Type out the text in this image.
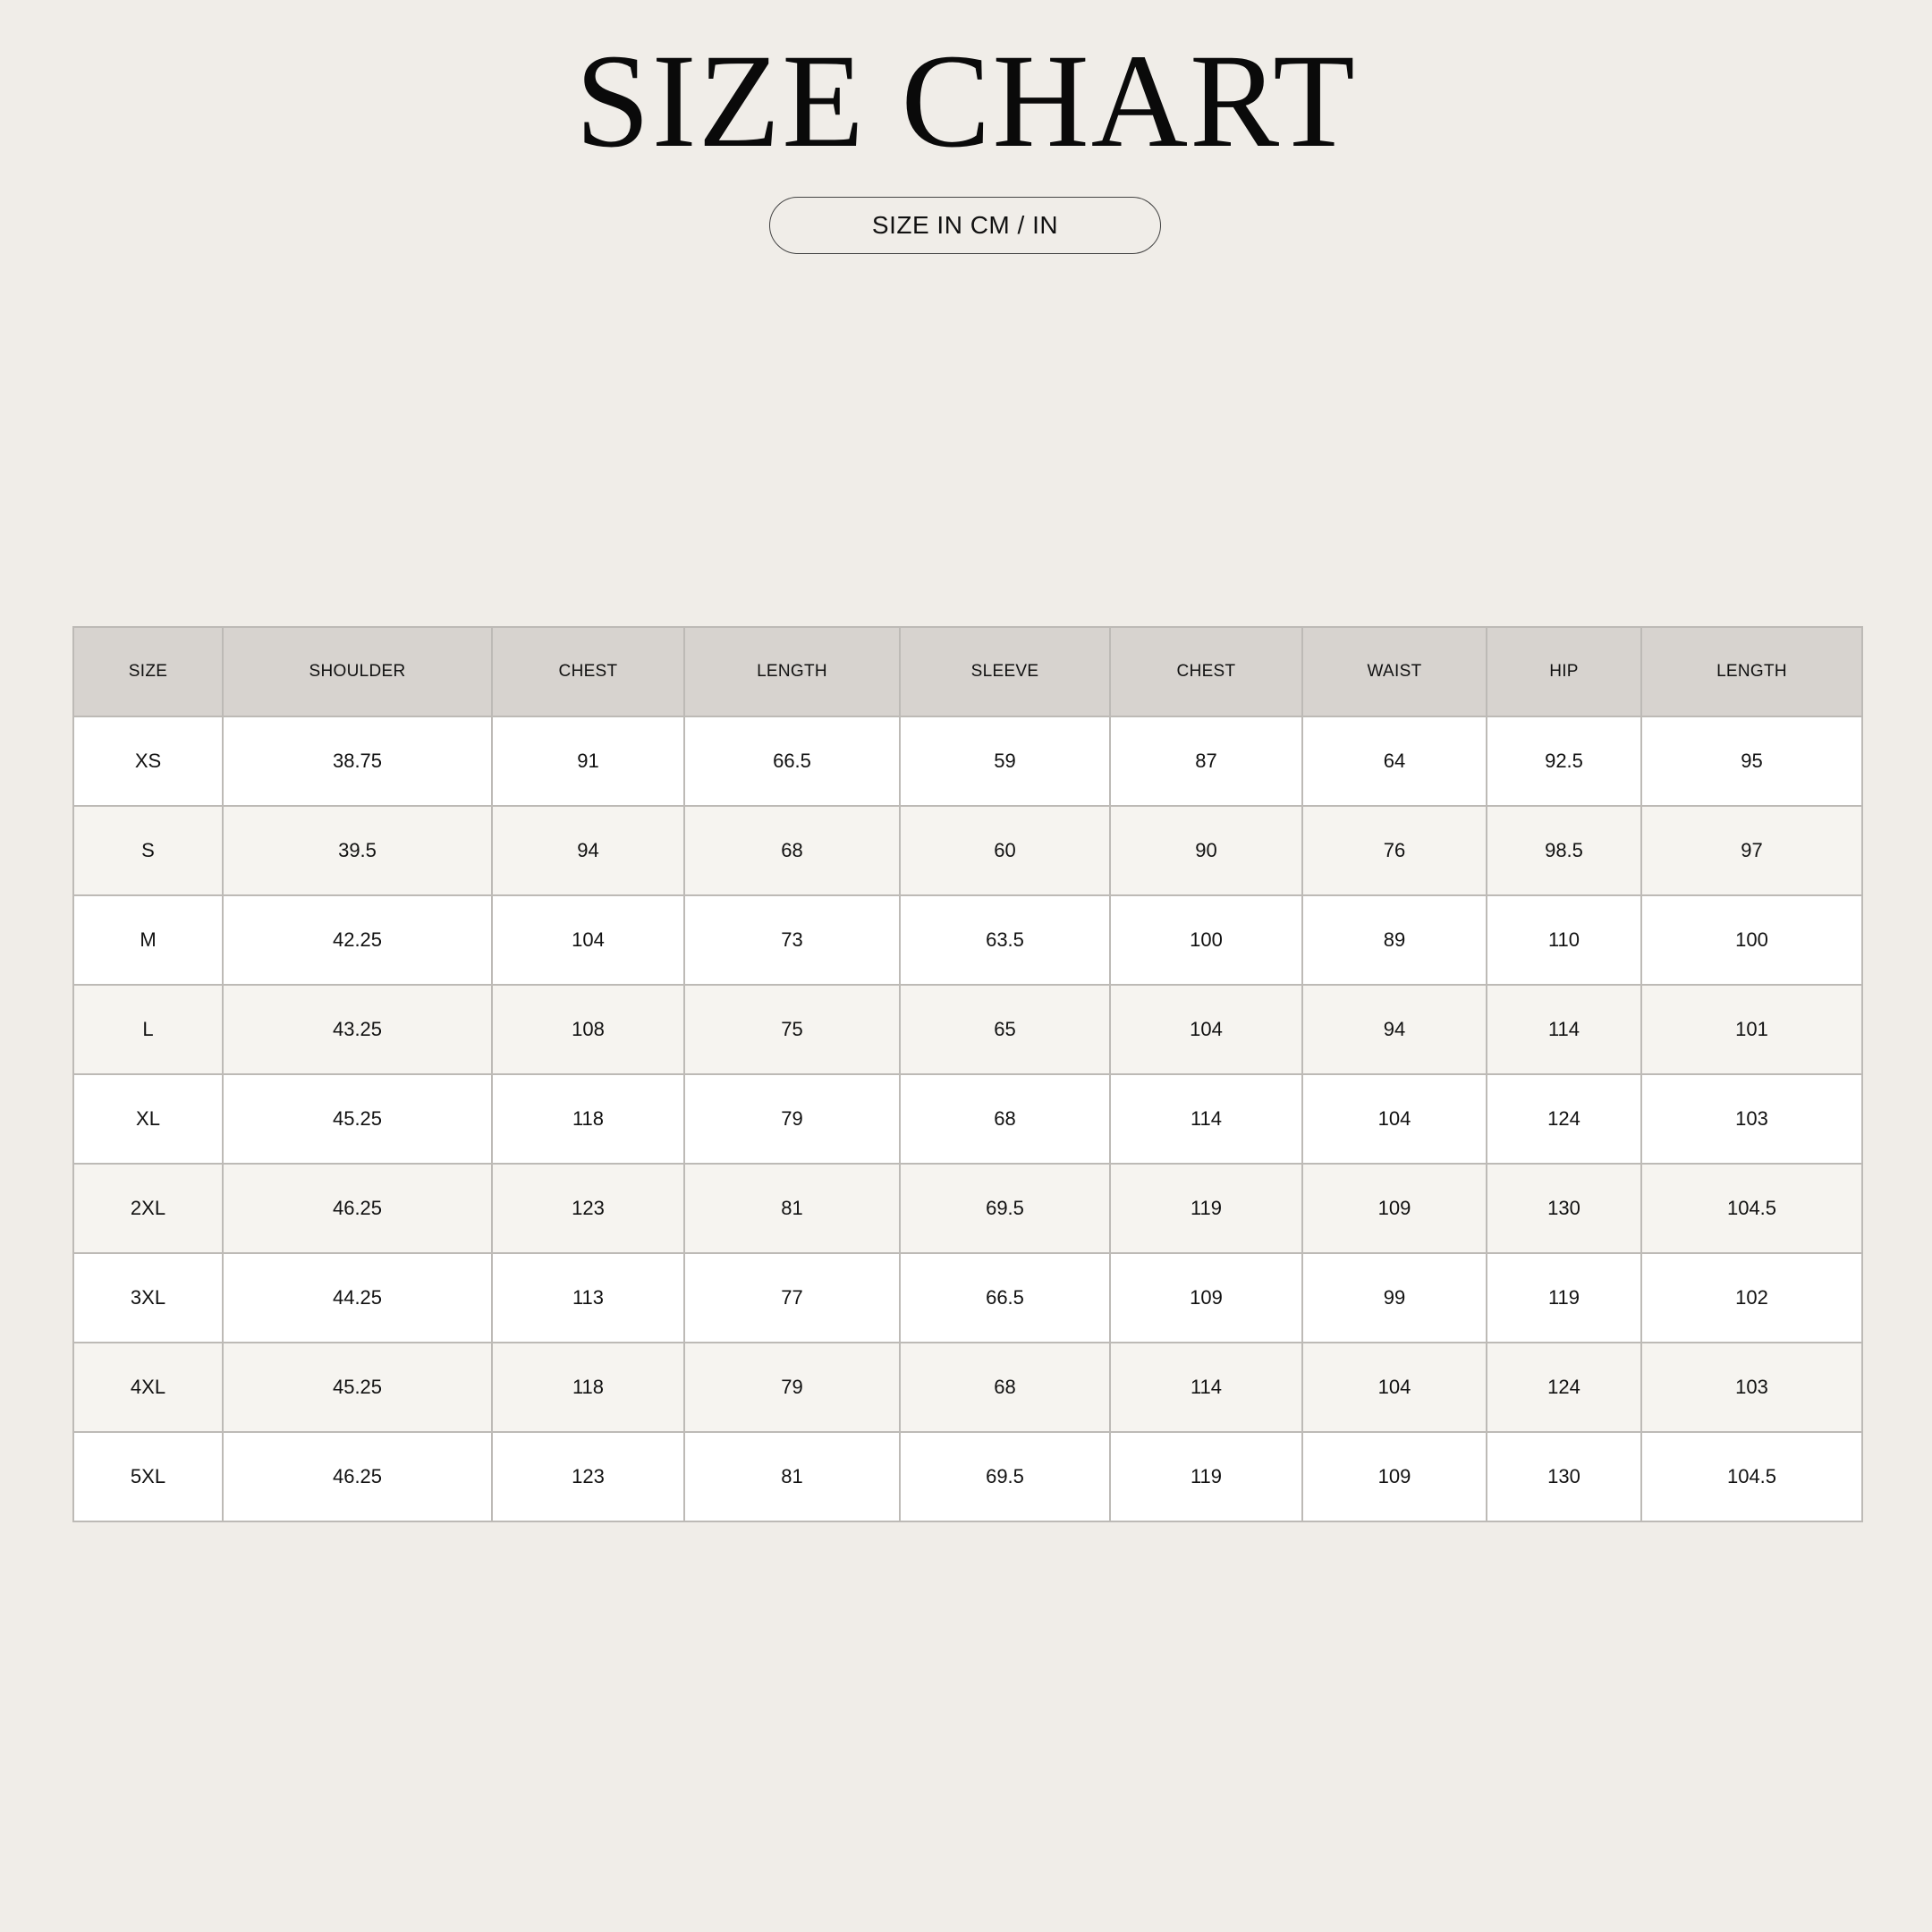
SIZE CHART
SIZE IN CM / IN
SIZE	SHOULDER	CHEST	LENGTH	SLEEVE	CHEST	WAIST	HIP	LENGTH
XS	38.75	91	66.5	59	87	64	92.5	95
S	39.5	94	68	60	90	76	98.5	97
M	42.25	104	73	63.5	100	89	110	100
L	43.25	108	75	65	104	94	114	101
XL	45.25	118	79	68	114	104	124	103
2XL	46.25	123	81	69.5	119	109	130	104.5
3XL	44.25	113	77	66.5	109	99	119	102
4XL	45.25	118	79	68	114	104	124	103
5XL	46.25	123	81	69.5	119	109	130	104.5
